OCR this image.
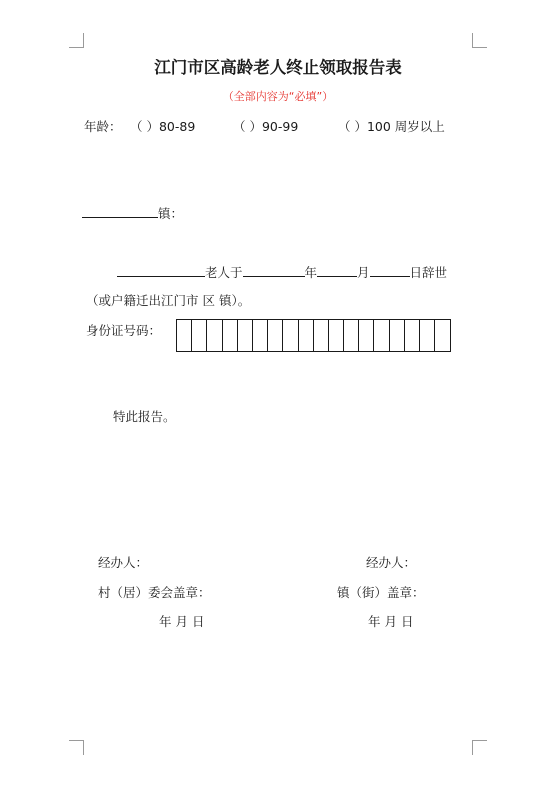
江门市区高龄老人终止领取报告表
（全部内容为“必填”）
年龄： （ ）80-89	（ ）90-99	（ ）100 周岁以上
镇：
老人于	年	月	日辞世
（或户籍迁出江门市 区 镇）。
身份证号码：
特此报告。
经办人：
村（居）委会盖章：
年 月 日
经办人：
镇（街）盖章：
年 月 日
